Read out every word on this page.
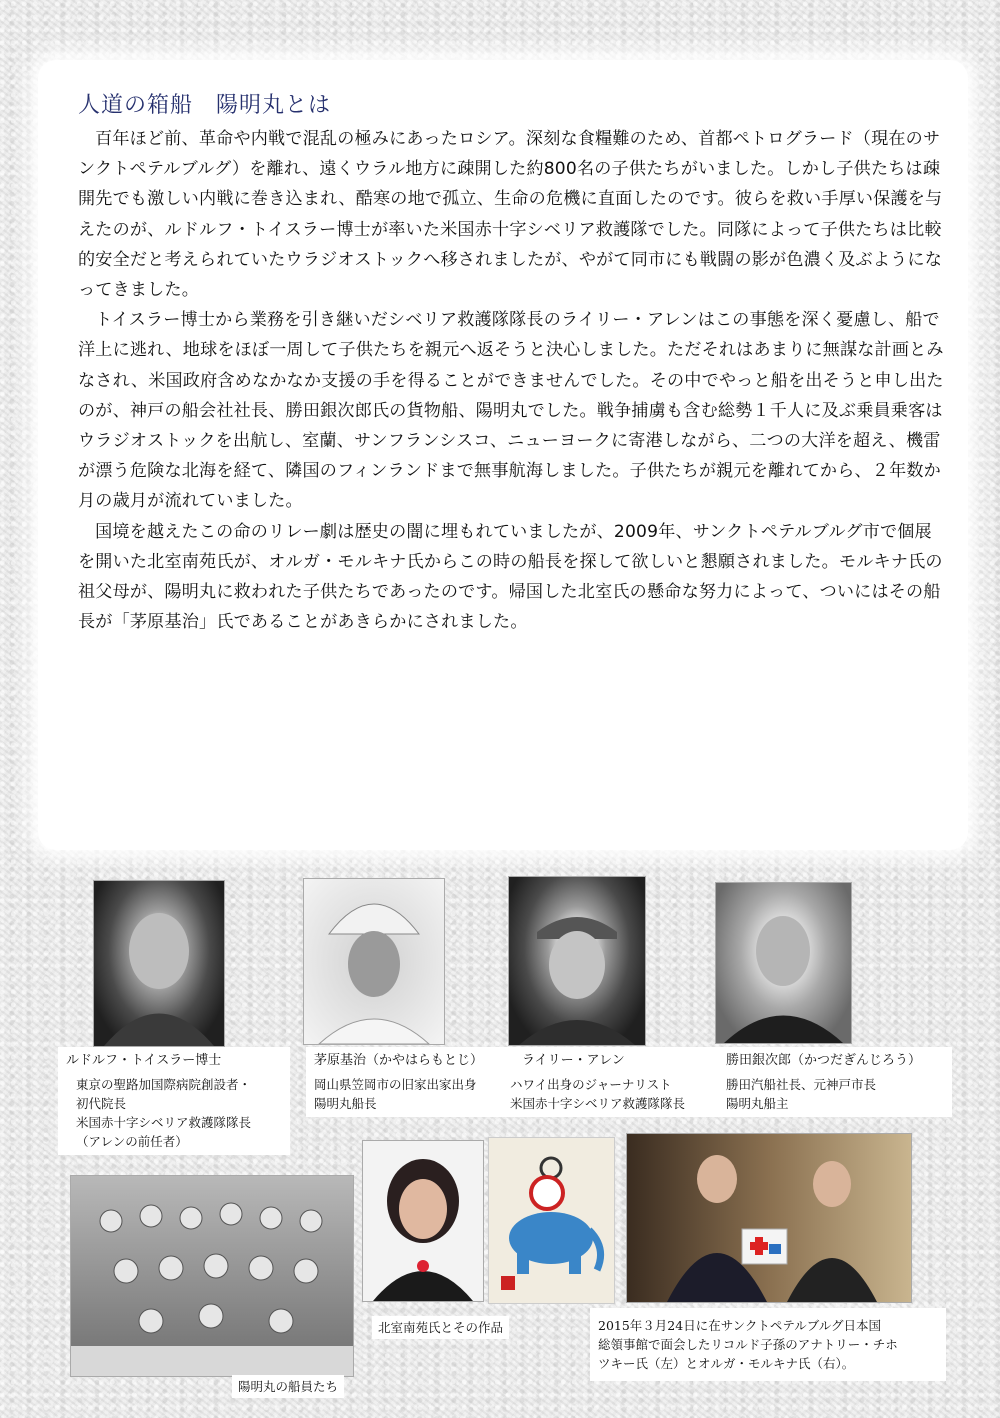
人道の箱船　陽明丸とは

百年ほど前、革命や内戦で混乱の極みにあったロシア。深刻な食糧難のため、首都ペトログラード（現在のサンクトペテルブルグ）を離れ、遠くウラル地方に疎開した約800名の子供たちがいました。しかし子供たちは疎開先でも激しい内戦に巻き込まれ、酷寒の地で孤立、生命の危機に直面したのです。彼らを救い手厚い保護を与えたのが、ルドルフ・トイスラー博士が率いた米国赤十字シベリア救護隊でした。同隊によって子供たちは比較的安全だと考えられていたウラジオストックへ移されましたが、やがて同市にも戦闘の影が色濃く及ぶようになってきました。

トイスラー博士から業務を引き継いだシベリア救護隊隊長のライリー・アレンはこの事態を深く憂慮し、船で洋上に逃れ、地球をほぼ一周して子供たちを親元へ返そうと決心しました。ただそれはあまりに無謀な計画とみなされ、米国政府含めなかなか支援の手を得ることができませんでした。その中でやっと船を出そうと申し出たのが、神戸の船会社社長、勝田銀次郎氏の貨物船、陽明丸でした。戦争捕虜も含む総勢１千人に及ぶ乗員乗客はウラジオストックを出航し、室蘭、サンフランシスコ、ニューヨークに寄港しながら、二つの大洋を超え、機雷が漂う危険な北海を経て、隣国のフィンランドまで無事航海しました。子供たちが親元を離れてから、２年数か月の歳月が流れていました。

国境を越えたこの命のリレー劇は歴史の闇に埋もれていましたが、2009年、サンクトペテルブルグ市で個展を開いた北室南苑氏が、オルガ・モルキナ氏からこの時の船長を探して欲しいと懇願されました。モルキナ氏の祖父母が、陽明丸に救われた子供たちであったのです。帰国した北室氏の懸命な努力によって、ついにはその船長が「茅原基治」氏であることがあきらかにされました。

ルドルフ・トイスラー博士
東京の聖路加国際病院創設者・
初代院長
米国赤十字シベリア救護隊隊長
（アレンの前任者）
茅原基治（かやはらもとじ）
岡山県笠岡市の旧家出家出身
陽明丸船長
ライリー・アレン
ハワイ出身のジャーナリスト
米国赤十字シベリア救護隊隊長
勝田銀次郎（かつだぎんじろう）
勝田汽船社長、元神戸市長
陽明丸船主
北室南苑氏とその作品	2015年３月24日に在サンクトペテルブルグ日本国
総領事館で面会したリコルド子孫のアナトリー・チホ
ツキー氏（左）とオルガ・モルキナ氏（右）。
陽明丸の船員たち
